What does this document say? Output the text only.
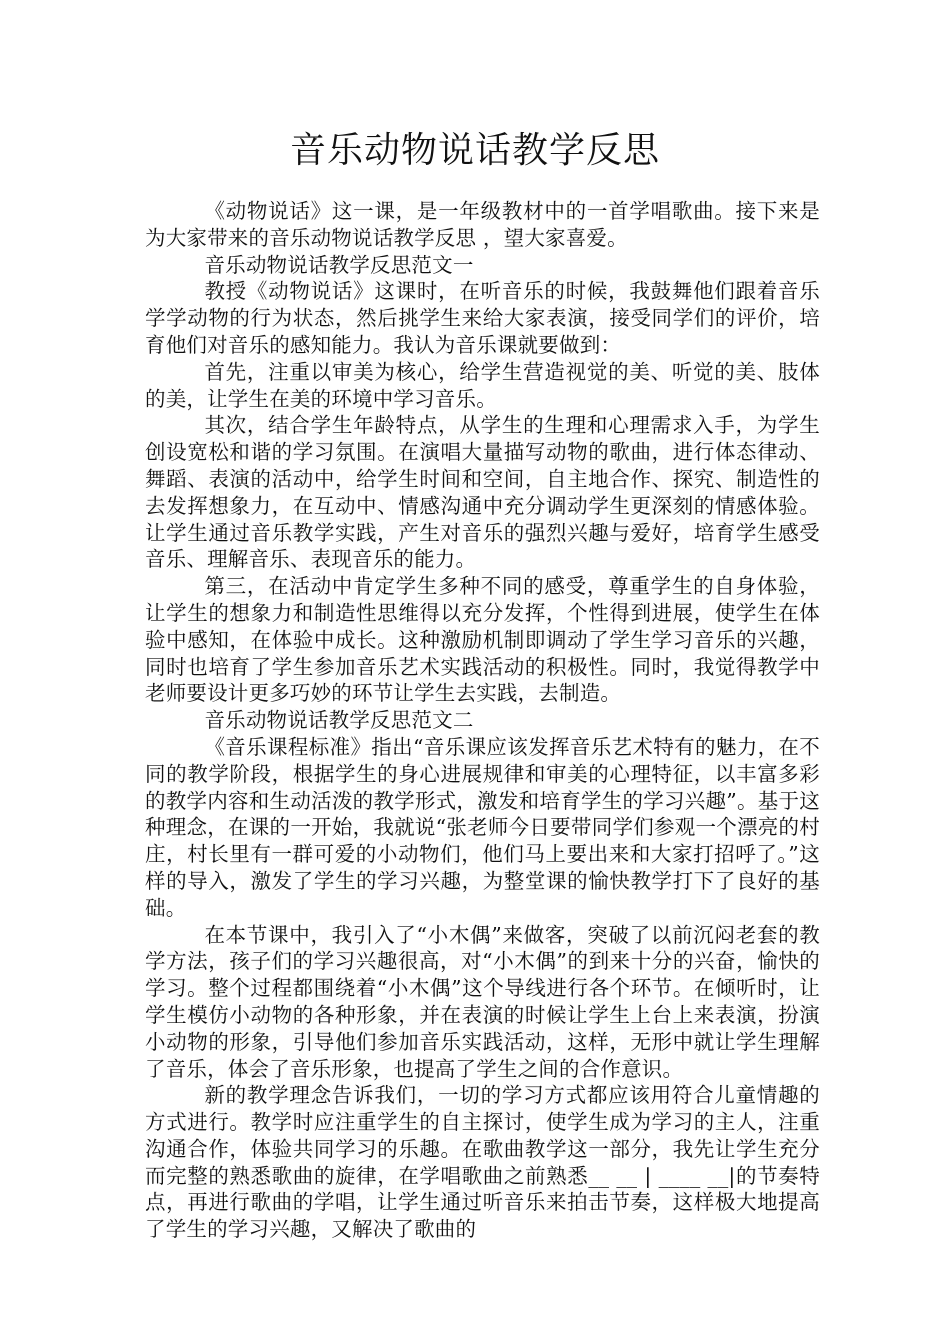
音乐动物说话教学反思

《动物说话》这一课，是一年级教材中的一首学唱歌曲。接下来是为大家带来的音乐动物说话教学反思 ，望大家喜爱。

音乐动物说话教学反思范文一

教授《动物说话》这课时，在听音乐的时候，我鼓舞他们跟着音乐学学动物的行为状态，然后挑学生来给大家表演，接受同学们的评价，培育他们对音乐的感知能力。我认为音乐课就要做到：

首先，注重以审美为核心，给学生营造视觉的美、听觉的美、肢体的美，让学生在美的环境中学习音乐。

其次，结合学生年龄特点，从学生的生理和心理需求入手，为学生创设宽松和谐的学习氛围。在演唱大量描写动物的歌曲，进行体态律动、舞蹈、表演的活动中，给学生时间和空间，自主地合作、探究、制造性的去发挥想象力，在互动中、情感沟通中充分调动学生更深刻的情感体验。让学生通过音乐教学实践，产生对音乐的强烈兴趣与爱好，培育学生感受音乐、理解音乐、表现音乐的能力。

第三，在活动中肯定学生多种不同的感受，尊重学生的自身体验，让学生的想象力和制造性思维得以充分发挥，个性得到进展，使学生在体验中感知，在体验中成长。这种激励机制即调动了学生学习音乐的兴趣，同时也培育了学生参加音乐艺术实践活动的积极性。同时，我觉得教学中老师要设计更多巧妙的环节让学生去实践，去制造。

音乐动物说话教学反思范文二

《音乐课程标准》指出“音乐课应该发挥音乐艺术特有的魅力，在不同的教学阶段，根据学生的身心进展规律和审美的心理特征，以丰富多彩的教学内容和生动活泼的教学形式，激发和培育学生的学习兴趣”。基于这种理念，在课的一开始，我就说“张老师今日要带同学们参观一个漂亮的村庄，村长里有一群可爱的小动物们，他们马上要出来和大家打招呼了。”这样的导入，激发了学生的学习兴趣，为整堂课的愉快教学打下了良好的基础。

在本节课中，我引入了“小木偶”来做客，突破了以前沉闷老套的教学方法，孩子们的学习兴趣很高，对“小木偶”的到来十分的兴奋，愉快的学习。整个过程都围绕着“小木偶”这个导线进行各个环节。在倾听时，让学生模仿小动物的各种形象，并在表演的时候让学生上台上来表演，扮演小动物的形象，引导他们参加音乐实践活动，这样，无形中就让学生理解了音乐，体会了音乐形象，也提高了学生之间的合作意识。

新的教学理念告诉我们，一切的学习方式都应该用符合儿童情趣的方式进行。教学时应注重学生的自主探讨，使学生成为学习的主人，注重沟通合作，体验共同学习的乐趣。在歌曲教学这一部分，我先让学生充分而完整的熟悉歌曲的旋律，在学唱歌曲之前熟悉__ __ | ____ __|的节奏特点，再进行歌曲的学唱，让学生通过听音乐来拍击节奏，这样极大地提高了学生的学习兴趣，又解决了歌曲的
